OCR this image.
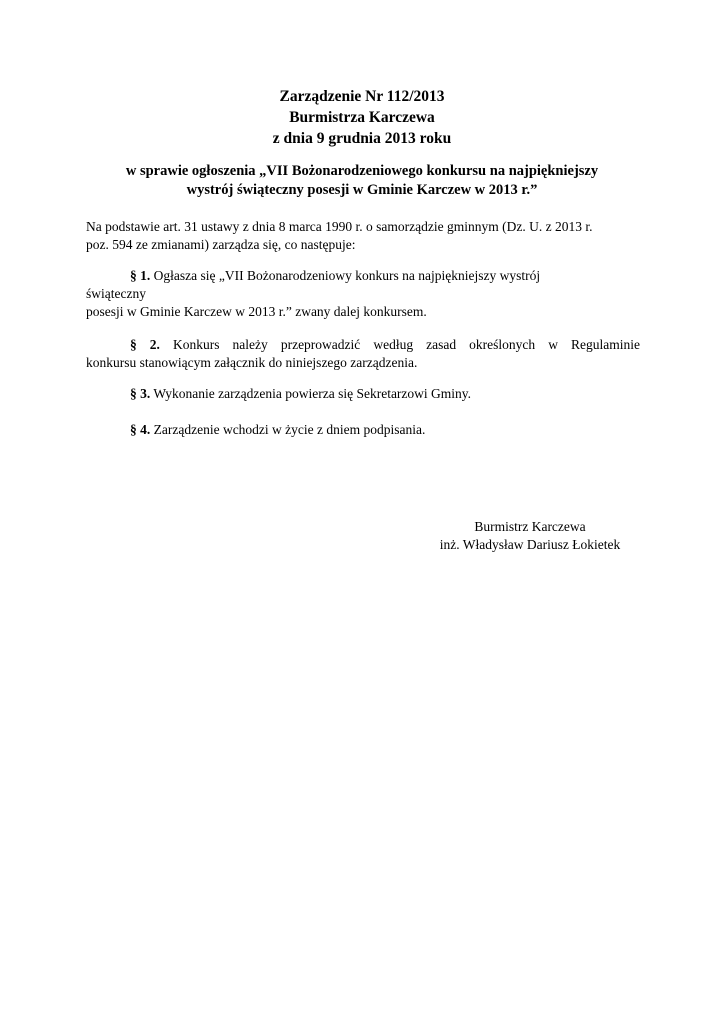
Zarządzenie Nr 112/2013
Burmistrza Karczewa
z dnia 9 grudnia 2013 roku
w sprawie ogłoszenia „VII Bożonarodzeniowego konkursu na najpiękniejszy
wystrój świąteczny posesji w Gminie Karczew w 2013 r.”
Na podstawie art. 31 ustawy z dnia 8 marca 1990 r. o samorządzie gminnym (Dz. U. z 2013 r.
poz. 594 ze zmianami) zarządza się, co następuje:
§ 1. Ogłasza się „VII Bożonarodzeniowy konkurs na najpiękniejszy wystrój
świąteczny
posesji w Gminie Karczew w 2013 r.” zwany dalej konkursem.
§ 2. Konkurs należy przeprowadzić według zasad określonych w Regulaminie
konkursu stanowiącym załącznik do niniejszego zarządzenia.
§ 3. Wykonanie zarządzenia powierza się Sekretarzowi Gminy.
§ 4. Zarządzenie wchodzi w życie z dniem podpisania.
Burmistrz Karczewa
inż. Władysław Dariusz Łokietek
